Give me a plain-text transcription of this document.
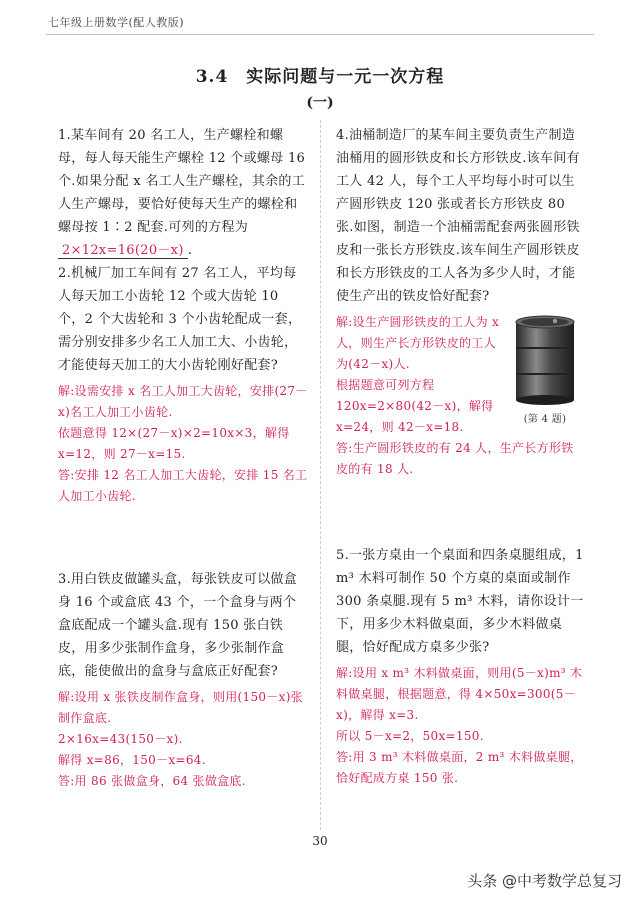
七年级上册数学(配人教版)
3.4　实际问题与一元一次方程
(一)

1.某车间有 20 名工人，生产螺栓和螺母，每人每天能生产螺栓 12 个或螺母 16 个.如果分配 x 名工人生产螺栓，其余的工人生产螺母，要恰好使每天生产的螺栓和螺母按 1∶2 配套.可列的方程为2×12x=16(20－x) .

2.机械厂加工车间有 27 名工人，平均每人每天加工小齿轮 12 个或大齿轮 10 个，2 个大齿轮和 3 个小齿轮配成一套，需分别安排多少名工人加工大、小齿轮，才能使每天加工的大小齿轮刚好配套?

解:设需安排 x 名工人加工大齿轮，安排(27－x)名工人加工小齿轮.

依题意得 12×(27－x)×2=10x×3，解得 x=12，则 27－x=15.

答:安排 12 名工人加工大齿轮，安排 15 名工人加工小齿轮.

3.用白铁皮做罐头盒，每张铁皮可以做盒身 16 个或盒底 43 个，一个盒身与两个盒底配成一个罐头盒.现有 150 张白铁皮，用多少张制作盒身，多少张制作盒底，能使做出的盒身与盒底正好配套?

解:设用 x 张铁皮制作盒身，则用(150－x)张制作盒底.

2×16x=43(150－x).

解得 x=86，150－x=64.

答:用 86 张做盒身，64 张做盒底.

4.油桶制造厂的某车间主要负责生产制造油桶用的圆形铁皮和长方形铁皮.该车间有工人 42 人，每个工人平均每小时可以生产圆形铁皮 120 张或者长方形铁皮 80 张.如图，制造一个油桶需配套两张圆形铁皮和一张长方形铁皮.该车间生产圆形铁皮和长方形铁皮的工人各为多少人时，才能使生产出的铁皮恰好配套?

(第 4 题)

解:设生产圆形铁皮的工人为 x 人，则生产长方形铁皮的工人为(42－x)人.

根据题意可列方程 120x=2×80(42－x)，解得 x=24，则 42－x=18.

答:生产圆形铁皮的有 24 人，生产长方形铁皮的有 18 人.

5.一张方桌由一个桌面和四条桌腿组成，1 m³ 木料可制作 50 个方桌的桌面或制作 300 条桌腿.现有 5 m³ 木料，请你设计一下，用多少木料做桌面，多少木料做桌腿，恰好配成方桌多少张?

解:设用 x m³ 木料做桌面，则用(5－x)m³ 木料做桌腿，根据题意，得 4×50x=300(5－x)，解得 x=3.

所以 5－x=2，50x=150.

答:用 3 m³ 木料做桌面，2 m³ 木料做桌腿，恰好配成方桌 150 张.

30
头条 @中考数学总复习
